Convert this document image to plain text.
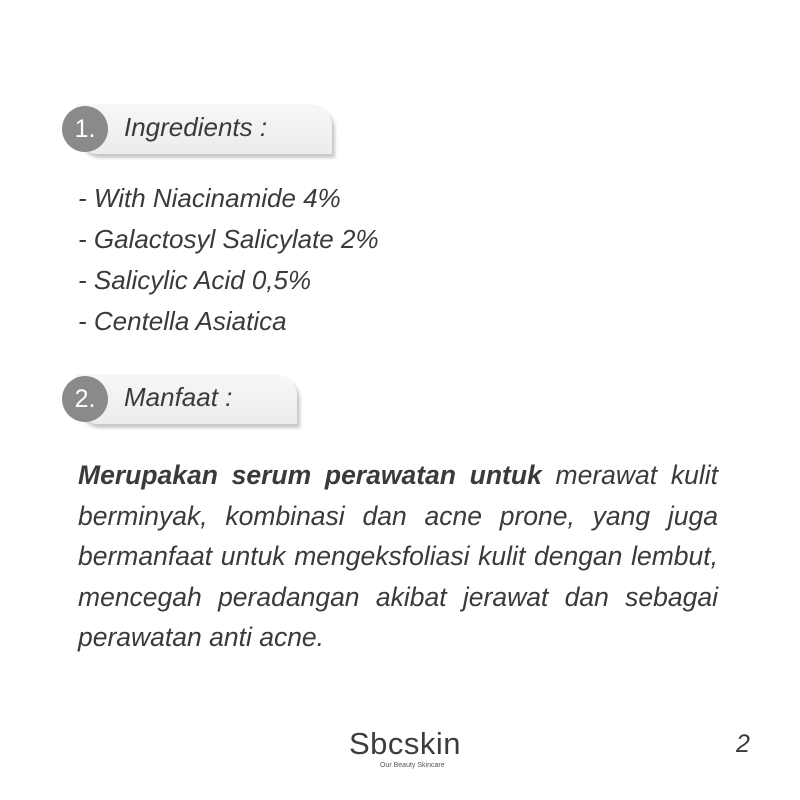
1.	Ingredients :
- With Niacinamide 4%
- Galactosyl Salicylate 2%
- Salicylic Acid 0,5%
- Centella Asiatica
2.	Manfaat :

Merupakan serum perawatan untuk merawat kulit berminyak, kombinasi dan acne prone, yang juga bermanfaat untuk mengeksfoliasi kulit dengan lembut, mencegah peradangan akibat jerawat dan sebagai perawatan anti acne.

Sbcskin
Our Beauty Skincare
2
